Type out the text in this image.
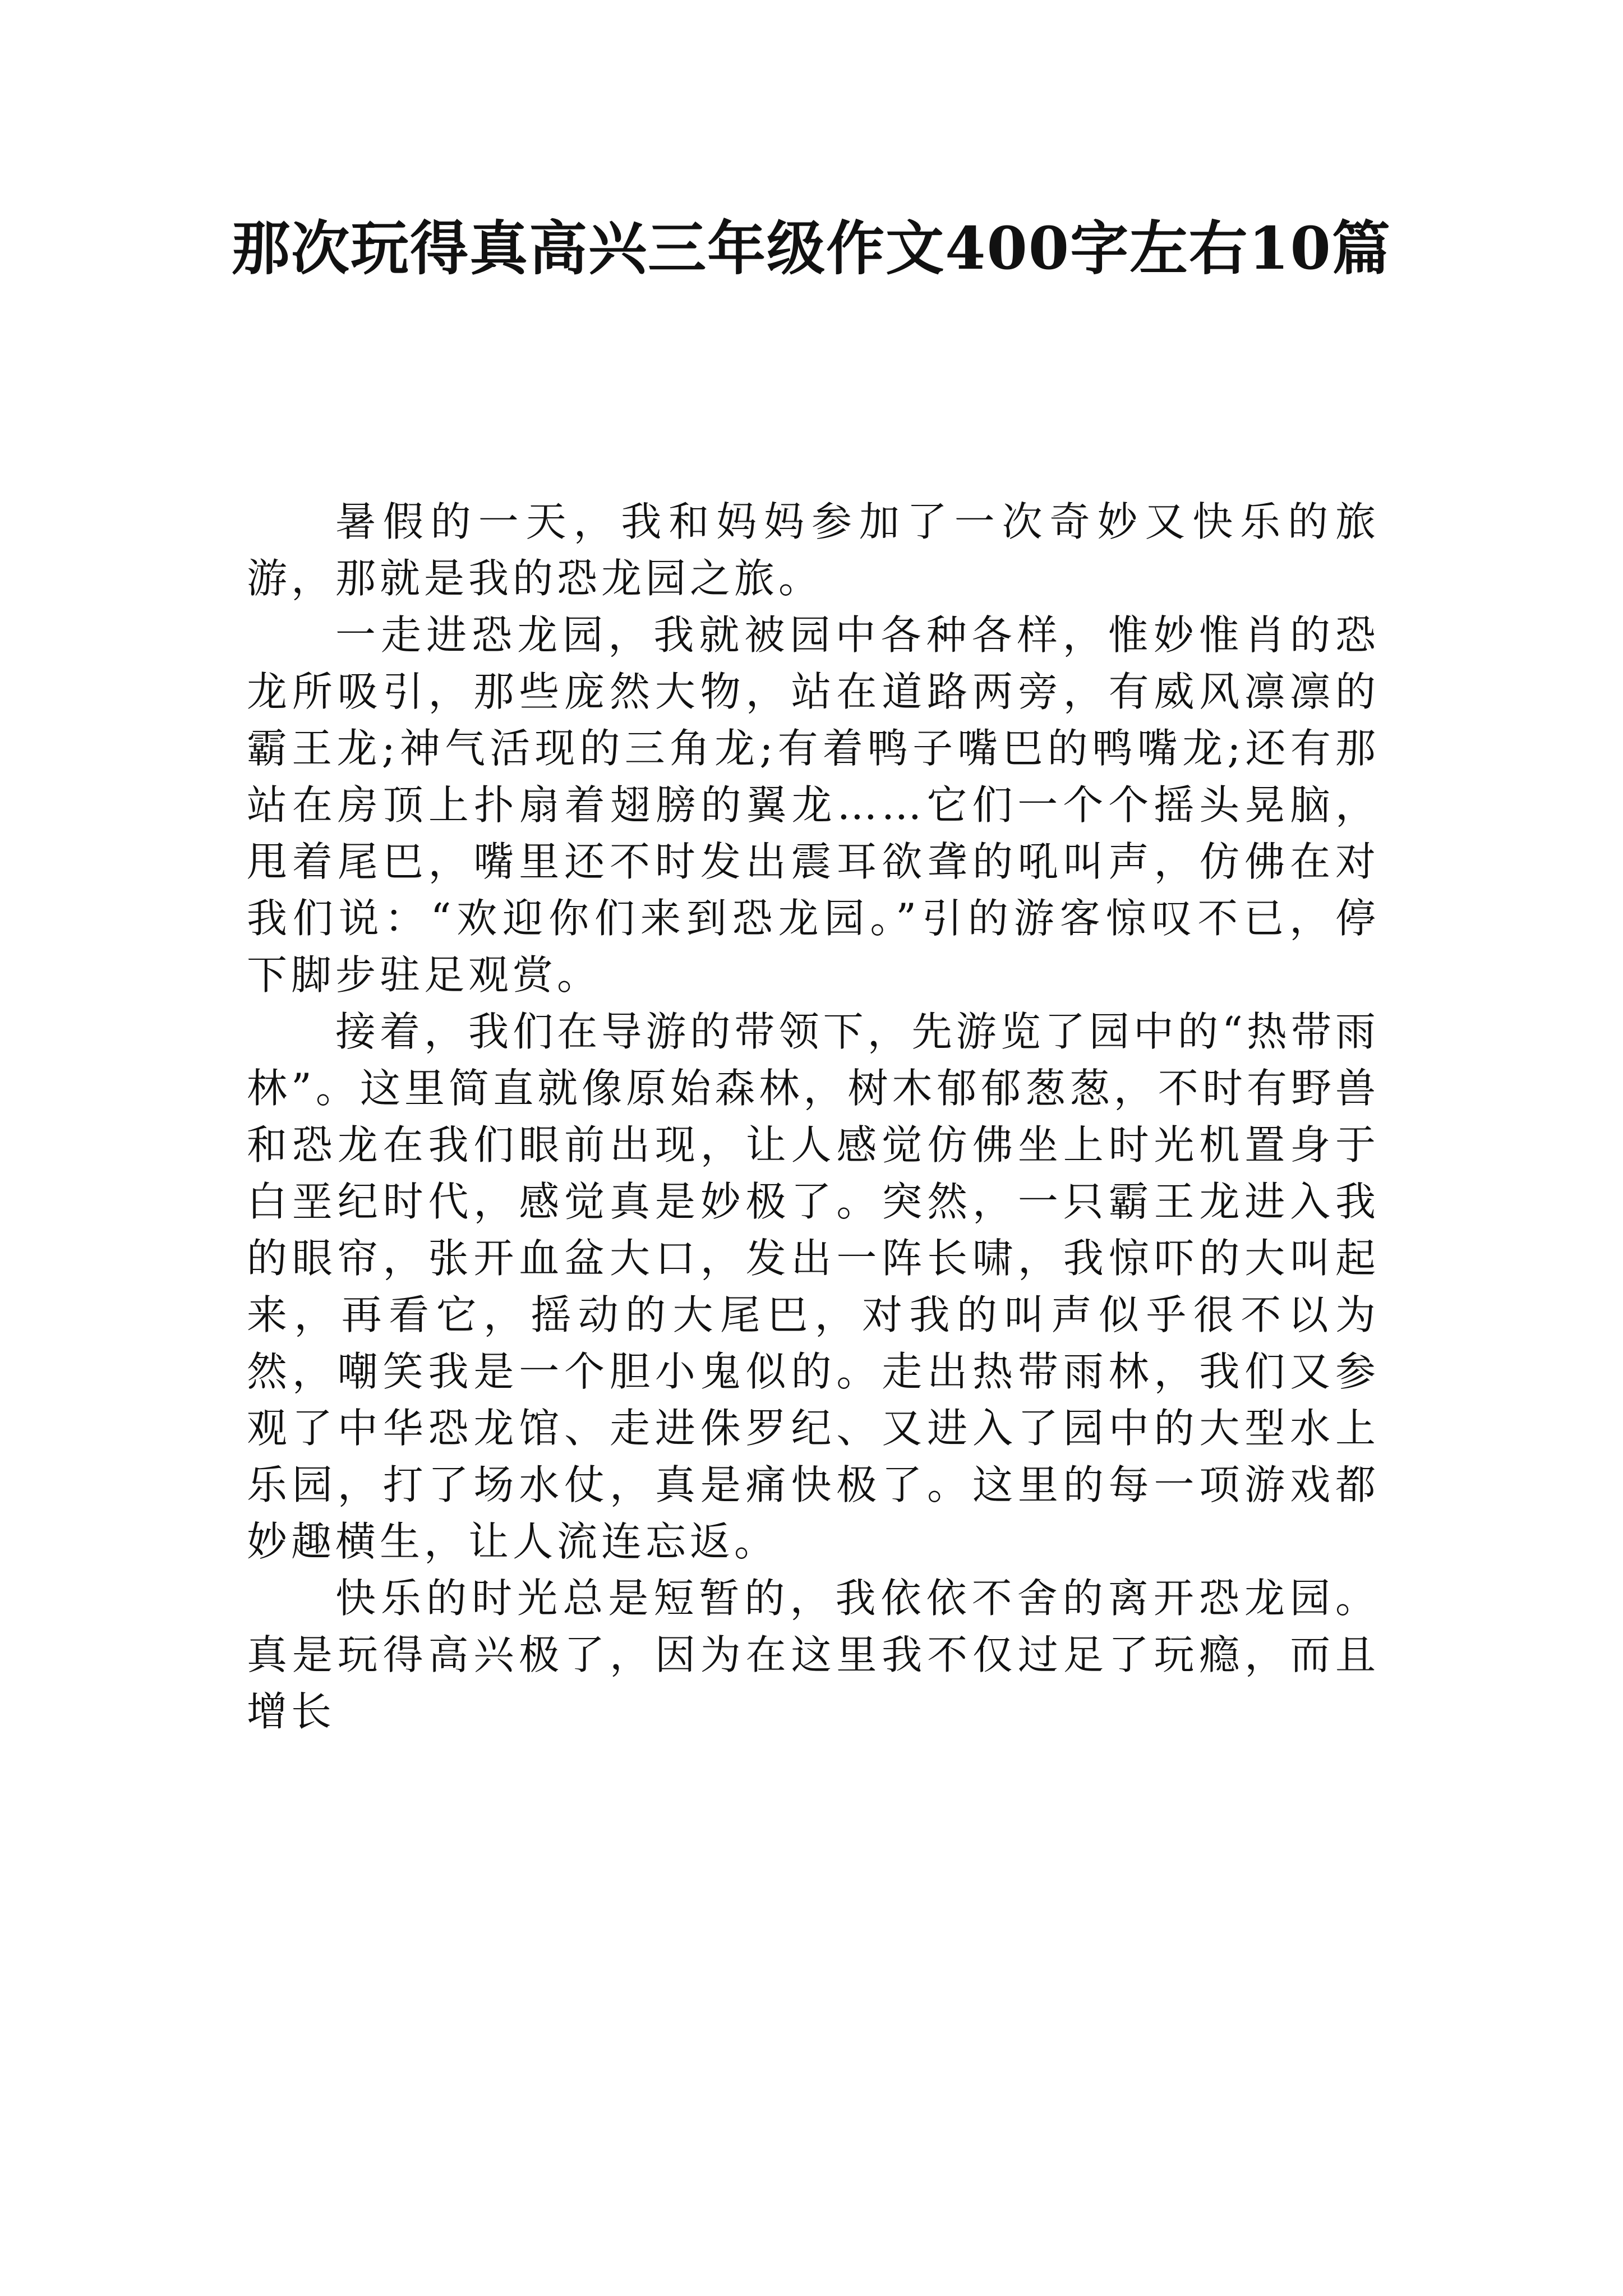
那次玩得真高兴三年级作文400字左右10篇

暑假的一天，我和妈妈参加了一次奇妙又快乐的旅游，那就是我的恐龙园之旅。

一走进恐龙园，我就被园中各种各样，惟妙惟肖的恐龙所吸引，那些庞然大物，站在道路两旁，有威风凛凛的霸王龙;神气活现的三角龙;有着鸭子嘴巴的鸭嘴龙;还有那站在房顶上扑扇着翅膀的翼龙……它们一个个摇头晃脑，甩着尾巴，嘴里还不时发出震耳欲聋的吼叫声，仿佛在对我们说：“欢迎你们来到恐龙园。”引的游客惊叹不已，停下脚步驻足观赏。

接着，我们在导游的带领下，先游览了园中的“热带雨林”。这里简直就像原始森林，树木郁郁葱葱，不时有野兽和恐龙在我们眼前出现，让人感觉仿佛坐上时光机置身于白垩纪时代，感觉真是妙极了。突然，一只霸王龙进入我的眼帘，张开血盆大口，发出一阵长啸，我惊吓的大叫起来，再看它，摇动的大尾巴，对我的叫声似乎很不以为然，嘲笑我是一个胆小鬼似的。走出热带雨林，我们又参观了中华恐龙馆、走进侏罗纪、又进入了园中的大型水上乐园，打了场水仗，真是痛快极了。这里的每一项游戏都妙趣横生，让人流连忘返。

快乐的时光总是短暂的，我依依不舍的离开恐龙园。真是玩得高兴极了，因为在这里我不仅过足了玩瘾，而且增长
